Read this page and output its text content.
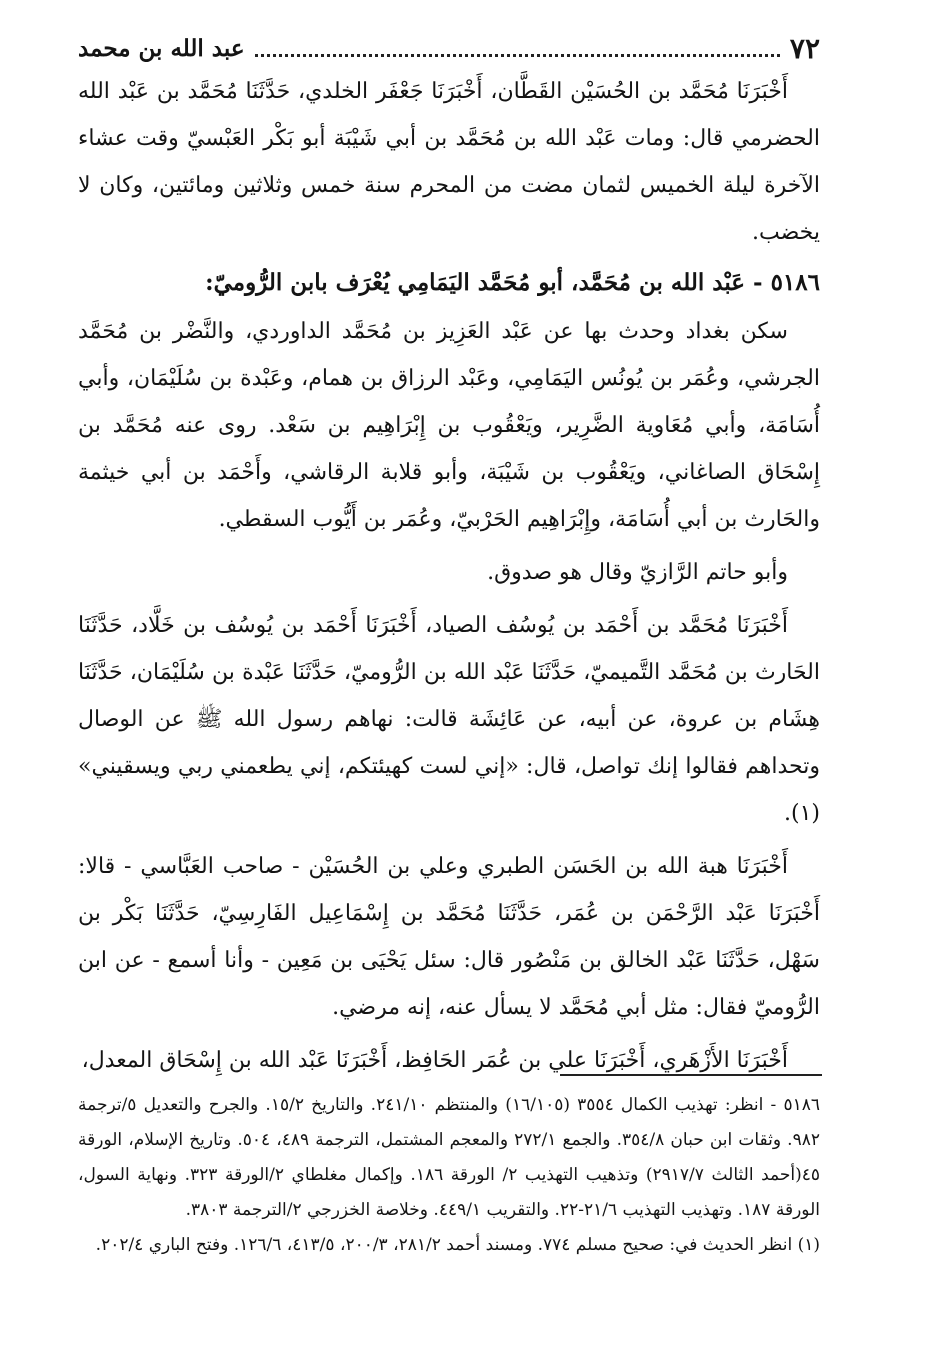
٧٢
عبد الله بن محمد

أَخْبَرَنَا مُحَمَّد بن الحُسَيْن القَطَّان، أَخْبَرَنَا جَعْفَر الخلدي، حَدَّثَنَا مُحَمَّد بن عَبْد الله الحضرمي قال: ومات عَبْد الله بن مُحَمَّد بن أبي شَيْبَة أبو بَكْر العَبْسيّ وقت عشاء الآخرة ليلة الخميس لثمان مضت من المحرم سنة خمس وثلاثين ومائتين، وكان لا يخضب.

٥١٨٦ - عَبْد الله بن مُحَمَّد، أبو مُحَمَّد اليَمَامِي يُعْرَف بابن الرُّوميّ:

سكن بغداد وحدث بها عن عَبْد العَزِيز بن مُحَمَّد الداوردي، والنَّضْر بن مُحَمَّد الجرشي، وعُمَر بن يُونُس اليَمَامِي، وعَبْد الرزاق بن همام، وعَبْدة بن سُلَيْمَان، وأبي أُسَامَة، وأبي مُعَاوية الضَّرِير، ويَعْقُوب بن إِبْرَاهِيم بن سَعْد. روى عنه مُحَمَّد بن إِسْحَاق الصاغاني، ويَعْقُوب بن شَيْبَة، وأبو قلابة الرقاشي، وأَحْمَد بن أبي خيثمة والحَارث بن أبي أُسَامَة، وإِبْرَاهِيم الحَرْبيّ، وعُمَر بن أَيُّوب السقطي.

وأبو حاتم الرَّازيّ وقال هو صدوق.

أَخْبَرَنَا مُحَمَّد بن أَحْمَد بن يُوسُف الصياد، أَخْبَرَنَا أَحْمَد بن يُوسُف بن خَلَّاد، حَدَّثَنَا الحَارث بن مُحَمَّد التَّميميّ، حَدَّثَنَا عَبْد الله بن الرُّوميّ، حَدَّثَنَا عَبْدة بن سُلَيْمَان، حَدَّثَنَا هِشَام بن عروة، عن أبيه، عن عَائِشَة قالت: نهاهم رسول الله ﷺ عن الوصال وتحداهم فقالوا إنك تواصل، قال: «إني لست كهيئتكم، إني يطعمني ربي ويسقيني» (١).

أَخْبَرَنَا هبة الله بن الحَسَن الطبري وعلي بن الحُسَيْن - صاحب العَبَّاسي - قالا: أَخْبَرَنَا عَبْد الرَّحْمَن بن عُمَر، حَدَّثَنَا مُحَمَّد بن إِسْمَاعِيل الفَارِسِيّ، حَدَّثَنَا بَكْر بن سَهْل، حَدَّثَنَا عَبْد الخالق بن مَنْصُور قال: سئل يَحْيَى بن مَعِين - وأنا أسمع - عن ابن الرُّوميّ فقال: مثل أبي مُحَمَّد لا يسأل عنه، إنه مرضي.

أَخْبَرَنَا الأَزْهَري، أَخْبَرَنَا علي بن عُمَر الحَافِظ، أَخْبَرَنَا عَبْد الله بن إِسْحَاق المعدل،

٥١٨٦ - انظر: تهذيب الكمال ٣٥٥٤ (١٦/١٠٥) والمنتظم ٢٤١/١٠. والتاريخ ١٥/٢. والجرح والتعديل ٥/ترجمة ٩٨٢. وثقات ابن حبان ٣٥٤/٨. والجمع ٢٧٢/١ والمعجم المشتمل، الترجمة ٤٨٩، ٥٠٤. وتاريخ الإسلام، الورقة ٤٥(أحمد الثالث ٢٩١٧/٧) وتذهيب التهذيب ٢/ الورقة ١٨٦. وإكمال مغلطاي ٢/الورقة ٣٢٣. ونهاية السول، الورقة ١٨٧. وتهذيب التهذيب ٢١/٦-٢٢. والتقريب ٤٤٩/١. وخلاصة الخزرجي ٢/الترجمة ٣٨٠٣.

(١) انظر الحديث في: صحيح مسلم ٧٧٤. ومسند أحمد ٢٨١/٢، ٢٠٠/٣، ٤١٣/٥، ١٢٦/٦. وفتح الباري ٢٠٢/٤.
